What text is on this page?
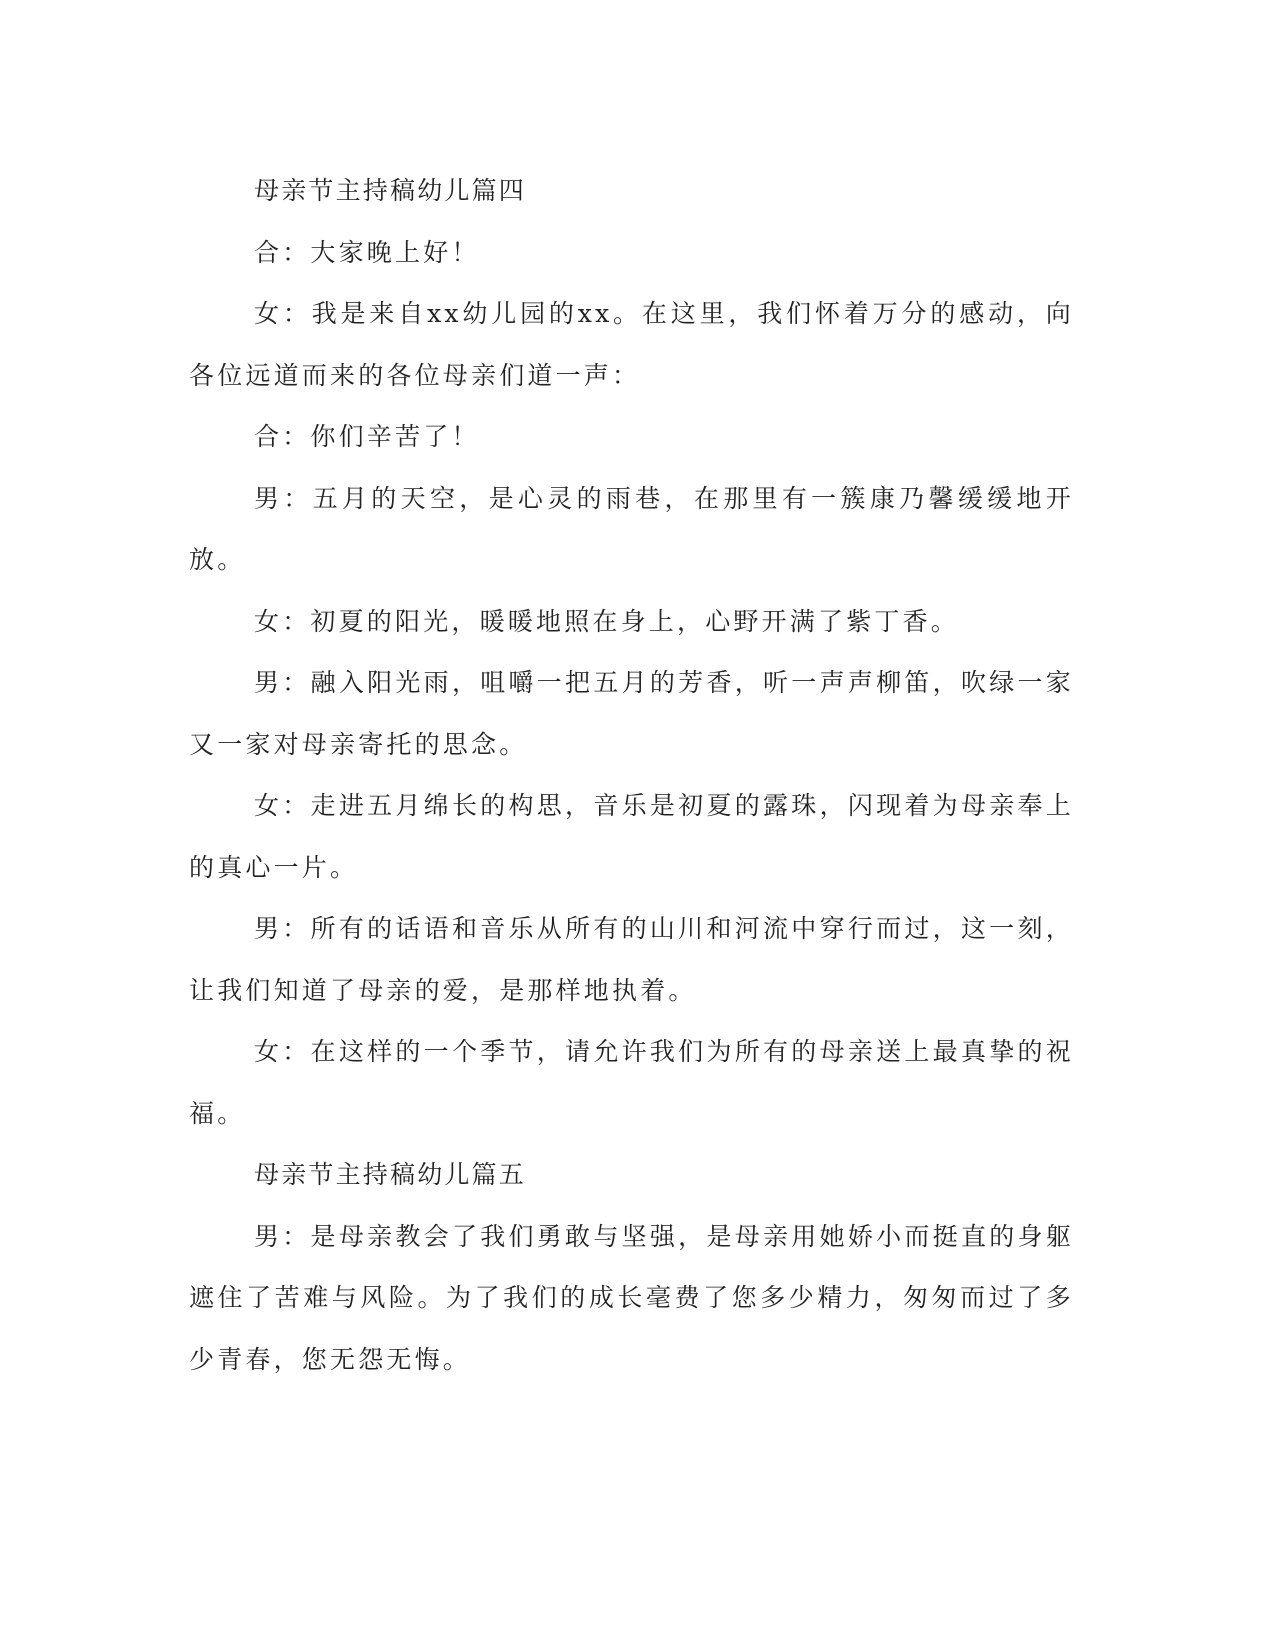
母亲节主持稿幼儿篇四

合：大家晚上好！

女：我是来自xx幼儿园的xx。在这里，我们怀着万分的感动，向各位远道而来的各位母亲们道一声：

合：你们辛苦了！

男：五月的天空，是心灵的雨巷，在那里有一簇康乃馨缓缓地开放。

女：初夏的阳光，暖暖地照在身上，心野开满了紫丁香。

男：融入阳光雨，咀嚼一把五月的芳香，听一声声柳笛，吹绿一家又一家对母亲寄托的思念。

女：走进五月绵长的构思，音乐是初夏的露珠，闪现着为母亲奉上的真心一片。

男：所有的话语和音乐从所有的山川和河流中穿行而过，这一刻，让我们知道了母亲的爱，是那样地执着。

女：在这样的一个季节，请允许我们为所有的母亲送上最真挚的祝福。

母亲节主持稿幼儿篇五

男：是母亲教会了我们勇敢与坚强，是母亲用她娇小而挺直的身躯遮住了苦难与风险。为了我们的成长毫费了您多少精力，匆匆而过了多少青春，您无怨无悔。
